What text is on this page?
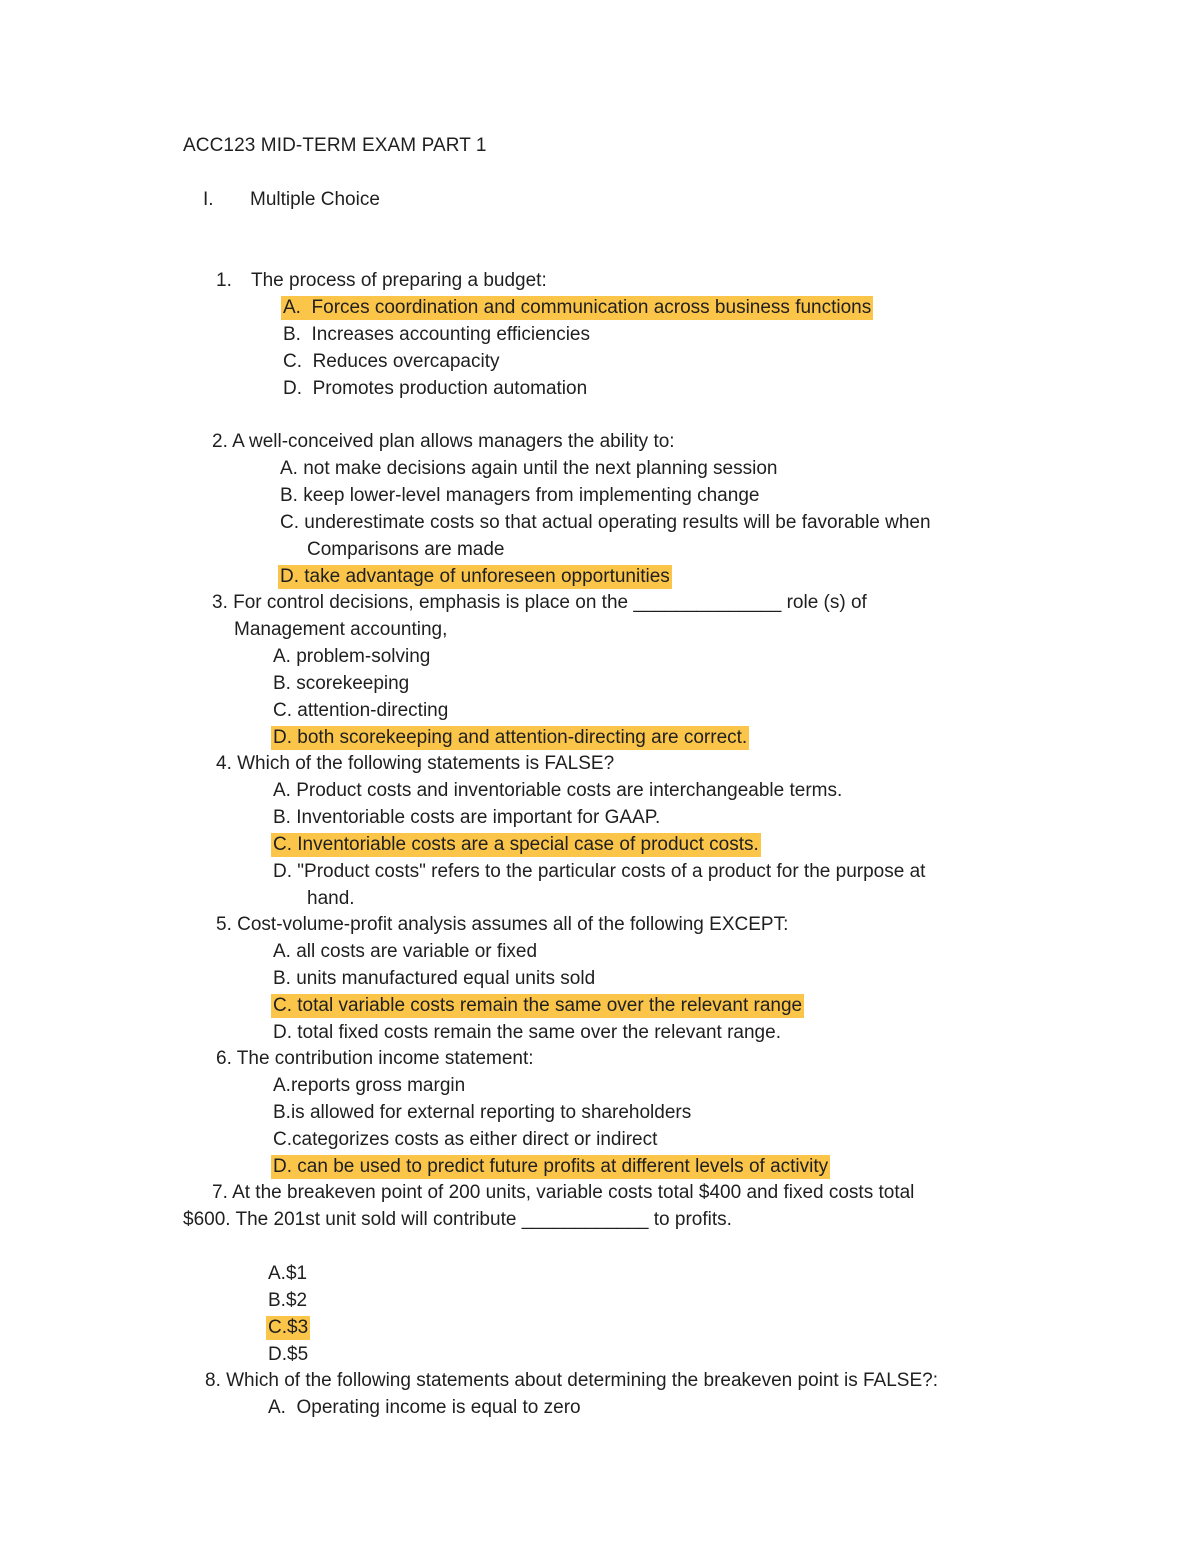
ACC123 MID-TERM EXAM PART 1
I. Multiple Choice
1. The process of preparing a budget:
A. Forces coordination and communication across business functions
B. Increases accounting efficiencies
C. Reduces overcapacity
D. Promotes production automation
2. A well-conceived plan allows managers the ability to:
A. not make decisions again until the next planning session
B. keep lower-level managers from implementing change
C. underestimate costs so that actual operating results will be favorable when
Comparisons are made
D. take advantage of unforeseen opportunities
3. For control decisions, emphasis is place on the ______________ role (s) of
Management accounting,
A. problem-solving
B. scorekeeping
C. attention-directing
D. both scorekeeping and attention-directing are correct.
4. Which of the following statements is FALSE?
A. Product costs and inventoriable costs are interchangeable terms.
B. Inventoriable costs are important for GAAP.
C. Inventoriable costs are a special case of product costs.
D. "Product costs" refers to the particular costs of a product for the purpose at
hand.
5. Cost-volume-profit analysis assumes all of the following EXCEPT:
A. all costs are variable or fixed
B. units manufactured equal units sold
C. total variable costs remain the same over the relevant range
D. total fixed costs remain the same over the relevant range.
6. The contribution income statement:
A.reports gross margin
B.is allowed for external reporting to shareholders
C.categorizes costs as either direct or indirect
D. can be used to predict future profits at different levels of activity
7. At the breakeven point of 200 units, variable costs total $400 and fixed costs total
$600. The 201st unit sold will contribute ____________ to profits.
A.$1
B.$2
C.$3
D.$5
8. Which of the following statements about determining the breakeven point is FALSE?:
A. Operating income is equal to zero
